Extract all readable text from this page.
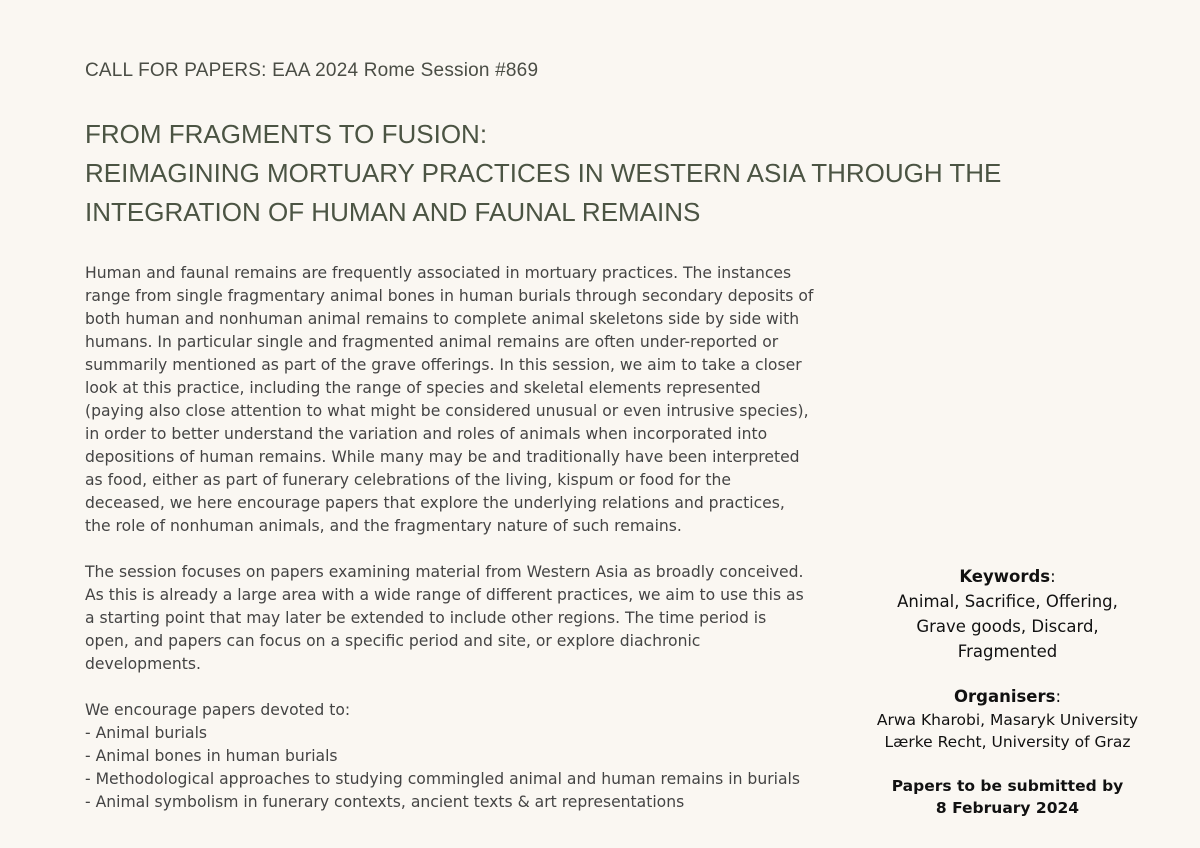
CALL FOR PAPERS: EAA 2024 Rome Session #869
FROM FRAGMENTS TO FUSION:
REIMAGINING MORTUARY PRACTICES IN WESTERN ASIA THROUGH THE
INTEGRATION OF HUMAN AND FAUNAL REMAINS

Human and faunal remains are frequently associated in mortuary practices. The instances range from single fragmentary animal bones in human burials through secondary deposits of both human and nonhuman animal remains to complete animal skeletons side by side with humans. In particular single and fragmented animal remains are often under-reported or summarily mentioned as part of the grave offerings. In this session, we aim to take a closer look at this practice, including the range of species and skeletal elements represented (paying also close attention to what might be considered unusual or even intrusive species), in order to better understand the variation and roles of animals when incorporated into depositions of human remains. While many may be and traditionally have been interpreted as food, either as part of funerary celebrations of the living, kispum or food for the deceased, we here encourage papers that explore the underlying relations and practices, the role of nonhuman animals, and the fragmentary nature of such remains.

The session focuses on papers examining material from Western Asia as broadly conceived. As this is already a large area with a wide range of different practices, we aim to use this as a starting point that may later be extended to include other regions. The time period is open, and papers can focus on a specific period and site, or explore diachronic developments.

We encourage papers devoted to:

- Animal burials
- Animal bones in human burials
- Methodological approaches to studying commingled animal and human remains in burials
- Animal symbolism in funerary contexts, ancient texts & art representations
Keywords:
Animal, Sacrifice, Offering, Grave goods, Discard, Fragmented
Organisers:
Arwa Kharobi, Masaryk University
Lærke Recht, University of Graz
Papers to be submitted by
8 February 2024
